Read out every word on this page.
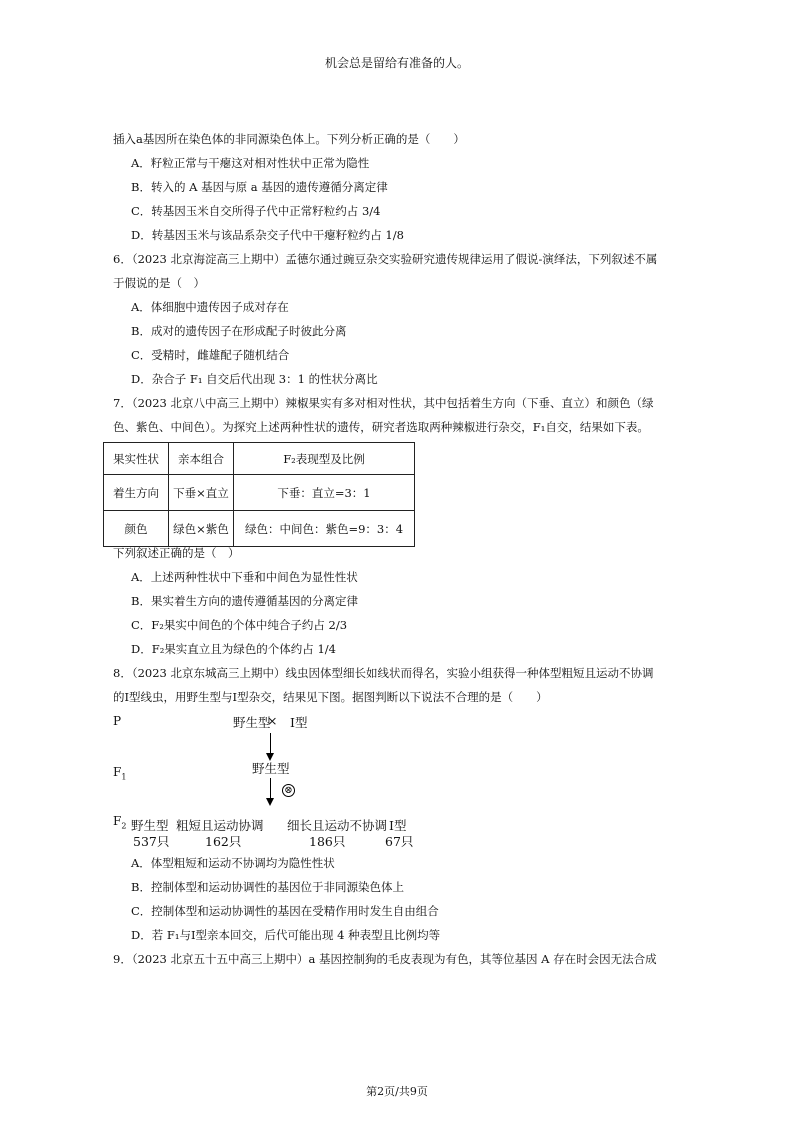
机会总是留给有准备的人。
第2页/共9页
插入a基因所在染色体的非同源染色体上。下列分析正确的是（　　）
A．籽粒正常与干瘪这对相对性状中正常为隐性
B．转入的 A 基因与原 a 基因的遗传遵循分离定律
C．转基因玉米自交所得子代中正常籽粒约占 3/4
D．转基因玉米与该品系杂交子代中干瘪籽粒约占 1/8
6．（2023 北京海淀高三上期中）孟德尔通过豌豆杂交实验研究遗传规律运用了假说-演绎法，下列叙述不属
于假说的是（　）
A．体细胞中遗传因子成对存在
B．成对的遗传因子在形成配子时彼此分离
C．受精时，雌雄配子随机结合
D．杂合子 F₁ 自交后代出现 3：1 的性状分离比
7．（2023 北京八中高三上期中）辣椒果实有多对相对性状，其中包括着生方向（下垂、直立）和颜色（绿
色、紫色、中间色）。为探究上述两种性状的遗传，研究者选取两种辣椒进行杂交，F₁自交，结果如下表。
果实性状	亲本组合	F₂表现型及比例
着生方向	下垂×直立	下垂：直立=3：1
颜色	绿色×紫色	绿色：中间色：紫色=9：3：4
下列叙述正确的是（　）
A．上述两种性状中下垂和中间色为显性性状
B．果实着生方向的遗传遵循基因的分离定律
C．F₂果实中间色的个体中纯合子约占 2/3
D．F₂果实直立且为绿色的个体约占 1/4
8．（2023 北京东城高三上期中）线虫因体型细长如线状而得名，实验小组获得一种体型粗短且运动不协调
的I型线虫，用野生型与I型杂交，结果见下图。据图判断以下说法不合理的是（　　）
P	野生型
× I型
$F_1$
野生型
⊗
$F_2$ 野生型 粗短且运动协调 细长且运动不协调 I型
537只	162只	186只	67只
A．体型粗短和运动不协调均为隐性性状
B．控制体型和运动协调性的基因位于非同源染色体上
C．控制体型和运动协调性的基因在受精作用时发生自由组合
D．若 F₁与I型亲本回交，后代可能出现 4 种表型且比例均等
9．（2023 北京五十五中高三上期中）a 基因控制狗的毛皮表现为有色，其等位基因 A 存在时会因无法合成
